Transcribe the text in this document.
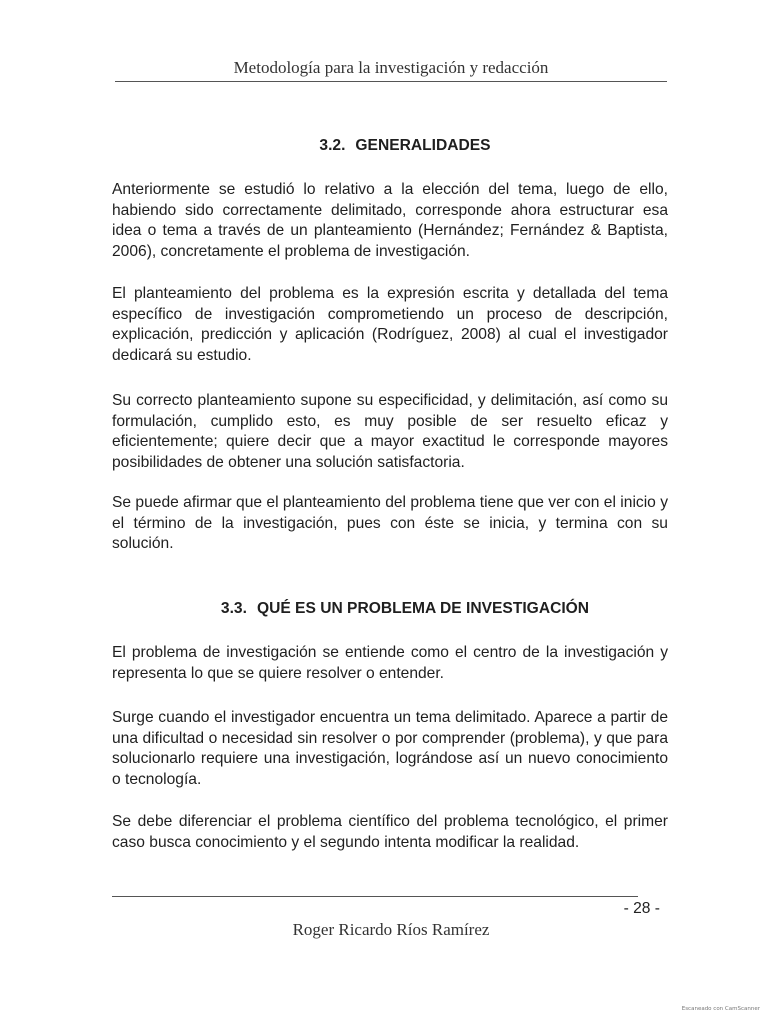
Metodología para la investigación y redacción
3.2. GENERALIDADES

Anteriormente se estudió lo relativo a la elección del tema, luego de ello, habiendo sido correctamente delimitado, corresponde ahora estructurar esa idea o tema a través de un planteamiento (Hernández; Fernández & Baptista, 2006), concretamente el problema de investigación.

El planteamiento del problema es la expresión escrita y detallada del tema específico de investigación comprometiendo un proceso de descripción, explicación, predicción y aplicación (Rodríguez, 2008) al cual el investigador dedicará su estudio.

Su correcto planteamiento supone su especificidad, y delimitación, así como su formulación, cumplido esto, es muy posible de ser resuelto eficaz y eficientemente; quiere decir que a mayor exactitud le corresponde mayores posibilidades de obtener una solución satisfactoria.

Se puede afirmar que el planteamiento del problema tiene que ver con el inicio y el término de la investigación, pues con éste se inicia, y termina con su solución.

3.3. QUÉ ES UN PROBLEMA DE INVESTIGACIÓN

El problema de investigación se entiende como el centro de la investigación y representa lo que se quiere resolver o entender.

Surge cuando el investigador encuentra un tema delimitado. Aparece a partir de una dificultad o necesidad sin resolver o por comprender (problema), y que para solucionarlo requiere una investigación, lográndose así un nuevo conocimiento o tecnología.

Se debe diferenciar el problema científico del problema tecnológico, el primer caso busca conocimiento y el segundo intenta modificar la realidad.

- 28 -
Roger Ricardo Ríos Ramírez
Escaneado con CamScanner
